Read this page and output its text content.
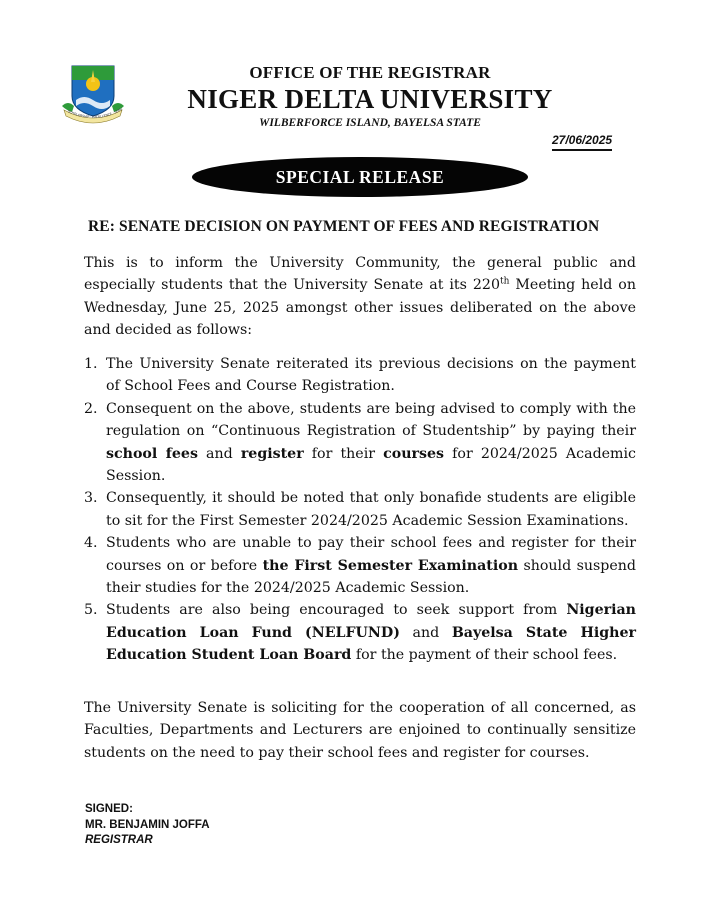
SCHOLARSHIP · EXCELLENCE · SERV
OFFICE OF THE REGISTRAR
NIGER DELTA UNIVERSITY
WILBERFORCE ISLAND, BAYELSA STATE
27/06/2025
SPECIAL RELEASE
RE: SENATE DECISION ON PAYMENT OF FEES AND REGISTRATION
This is to inform the University Community, the general public and especially students that the University Senate at its 220th Meeting held on Wednesday, June 25, 2025 amongst other issues deliberated on the above and decided as follows:
1. The University Senate reiterated its previous decisions on the payment of School Fees and Course Registration.
2. Consequent on the above, students are being advised to comply with the regulation on “Continuous Registration of Studentship” by paying their school fees and register for their courses for 2024/2025 Academic Session.
3. Consequently, it should be noted that only bonafide students are eligible to sit for the First Semester 2024/2025 Academic Session Examinations.
4. Students who are unable to pay their school fees and register for their courses on or before the First Semester Examination should suspend their studies for the 2024/2025 Academic Session.
5. Students are also being encouraged to seek support from Nigerian Education Loan Fund (NELFUND) and Bayelsa State Higher Education Student Loan Board for the payment of their school fees.
The University Senate is soliciting for the cooperation of all concerned, as Faculties, Departments and Lecturers are enjoined to continually sensitize students on the need to pay their school fees and register for courses.
SIGNED:
MR. BENJAMIN JOFFA
REGISTRAR
